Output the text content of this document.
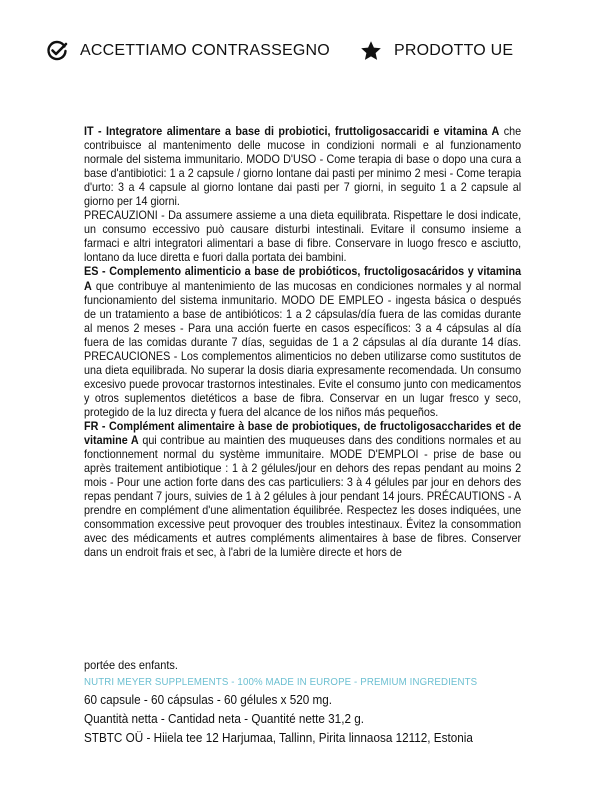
ACCETTIAMO CONTRASSEGNO	PRODOTTO UE

IT - Integratore alimentare a base di probiotici, fruttoligosaccaridi e vitamina A che contribuisce al mantenimento delle mucose in condizioni normali e al funzionamento normale del sistema immunitario. MODO D'USO - Come terapia di base o dopo una cura a base d'antibiotici: 1 a 2 capsule / giorno lontane dai pasti per minimo 2 mesi - Come terapia d'urto: 3 a 4 capsule al giorno lontane dai pasti per 7 giorni, in seguito 1 a 2 capsule al giorno per 14 giorni.

PRECAUZIONI - Da assumere assieme a una dieta equilibrata. Rispettare le dosi indicate, un consumo eccessivo può causare disturbi intestinali. Evitare il consumo insieme a farmaci e altri integratori alimentari a base di fibre. Conservare in luogo fresco e asciutto, lontano da luce diretta e fuori dalla portata dei bambini.

ES - Complemento alimenticio a base de probióticos, fructoligosacáridos y vitamina A que contribuye al mantenimiento de las mucosas en condiciones normales y al normal funcionamiento del sistema inmunitario. MODO DE EMPLEO - ingesta básica o después de un tratamiento a base de antibióticos: 1 a 2 cápsulas/día fuera de las comidas durante al menos 2 meses - Para una acción fuerte en casos específicos: 3 a 4 cápsulas al día fuera de las comidas durante 7 días, seguidas de 1 a 2 cápsulas al día durante 14 días. PRECAUCIONES - Los complementos alimenticios no deben utilizarse como sustitutos de una dieta equilibrada. No superar la dosis diaria expresamente recomendada. Un consumo excesivo puede provocar trastornos intestinales. Evite el consumo junto con medicamentos y otros suplementos dietéticos a base de fibra. Conservar en un lugar fresco y seco, protegido de la luz directa y fuera del alcance de los niños más pequeños.

FR - Complément alimentaire à base de probiotiques, de fructoligosaccharides et de vitamine A qui contribue au maintien des muqueuses dans des conditions normales et au fonctionnement normal du système immunitaire. MODE D'EMPLOI - prise de base ou après traitement antibiotique : 1 à 2 gélules/jour en dehors des repas pendant au moins 2 mois - Pour une action forte dans des cas particuliers: 3 à 4 gélules par jour en dehors des repas pendant 7 jours, suivies de 1 à 2 gélules à jour pendant 14 jours. PRÉCAUTIONS - A prendre en complément d'une alimentation équilibrée. Respectez les doses indiquées, une consommation excessive peut provoquer des troubles intestinaux. Évitez la consommation avec des médicaments et autres compléments alimentaires à base de fibres. Conserver dans un endroit frais et sec, à l'abri de la lumière directe et hors de

portée des enfants.

NUTRI MEYER SUPPLEMENTS - 100% MADE IN EUROPE - PREMIUM INGREDIENTS

60 capsule - 60 cápsulas - 60 gélules x 520 mg.

Quantità netta - Cantidad neta - Quantité nette 31,2 g.

STBTC OÜ - Hiiela tee 12 Harjumaa, Tallinn, Pirita linnaosa 12112, Estonia
